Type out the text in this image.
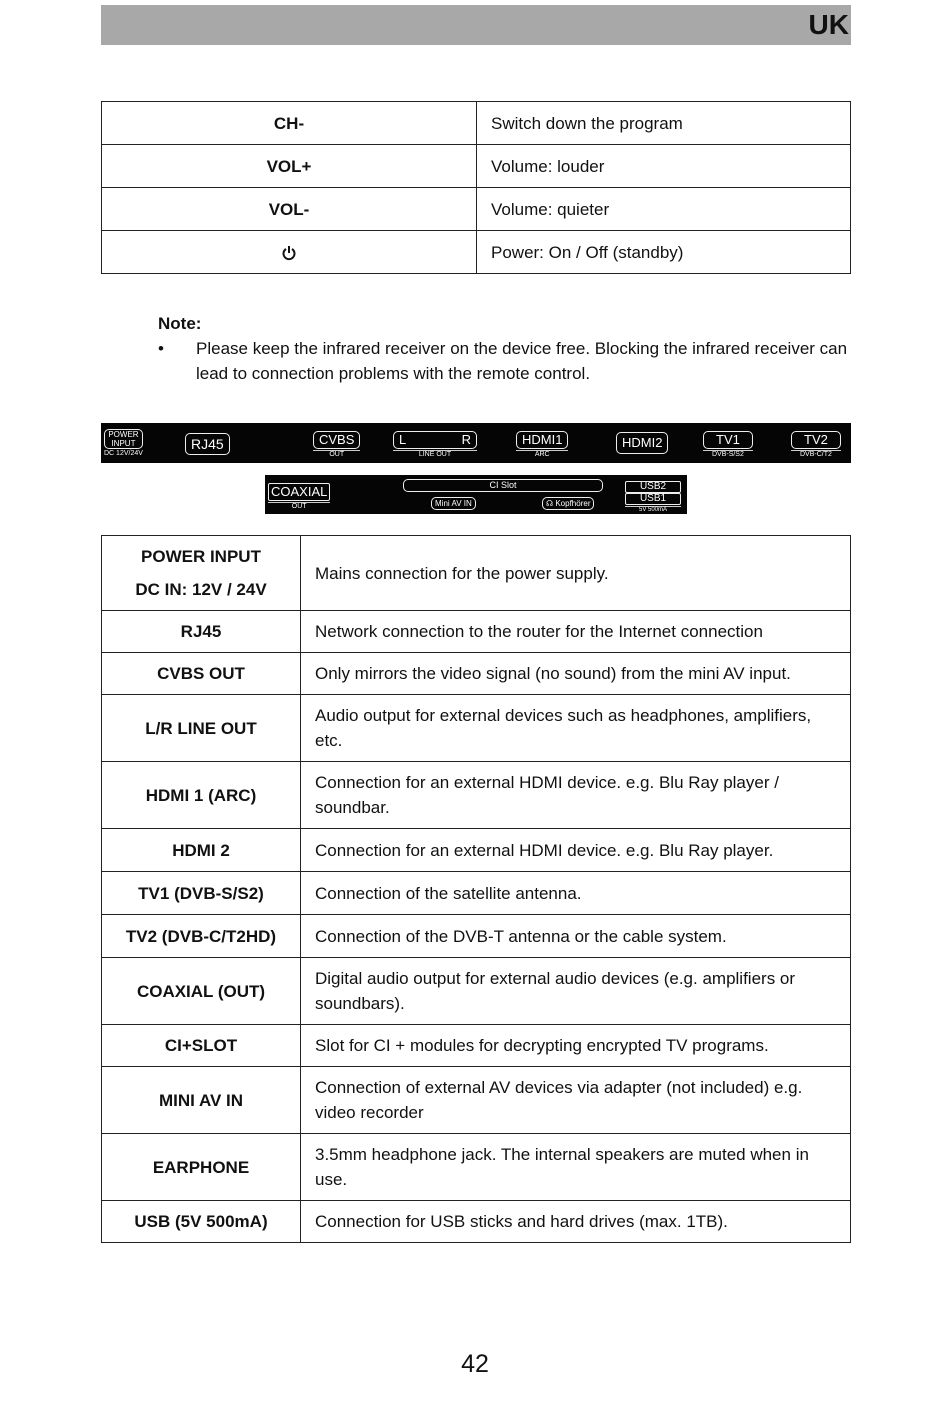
UK
CH-	Switch down the program
VOL+	Volume: louder
VOL-	Volume: quieter
	Power: On / Off (standby)
Note:
• Please keep the infrared receiver on the device free. Blocking the infrared receiver can lead to connection problems with the remote control.
POWER
INPUT
DC 12V/24V
RJ45	CVBS
OUT
L	R
LINE OUT
HDMI1
ARC
HDMI2	TV1
DVB-S/S2
TV2
DVB-C/T2
COAXIAL
OUT
CI Slot
Mini AV IN	☊ Kopfhörer
USB2
USB1
5V 500mA
POWER INPUT
DC IN: 12V / 24V	Mains connection for the power supply.
RJ45	Network connection to the router for the Internet connection
CVBS OUT	Only mirrors the video signal (no sound) from the mini AV input.
L/R LINE OUT	Audio output for external devices such as headphones, amplifiers, etc.
HDMI 1 (ARC)	Connection for an external HDMI device. e.g. Blu Ray player / soundbar.
HDMI 2	Connection for an external HDMI device. e.g. Blu Ray player.
TV1 (DVB-S/S2)	Connection of the satellite antenna.
TV2 (DVB-C/T2HD)	Connection of the DVB-T antenna or the cable system.
COAXIAL (OUT)	Digital audio output for external audio devices (e.g. amplifiers or soundbars).
CI+SLOT	Slot for CI + modules for decrypting encrypted TV programs.
MINI AV IN	Connection of external AV devices via adapter (not included) e.g. video recorder
EARPHONE	3.5mm headphone jack. The internal speakers are muted when in use.
USB (5V 500mA)	Connection for USB sticks and hard drives (max. 1TB).
42
